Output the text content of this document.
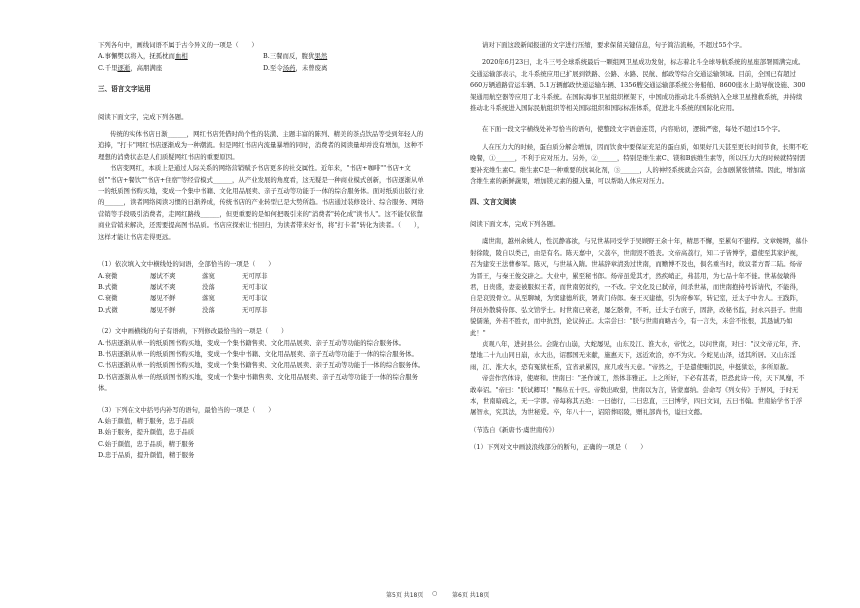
下列各句中，画线词语不属于古今异义的一项是（　　）

A.事懈樊以将入，抚孤枕而血相	B.三餐而反，腹犹果然

C.千里逐逝，高朋满座	D.至令汤药，未曾废离

三、语言文字运用

阅读下面文字，完成下列各题。

传统的实体书店日渐______，网红书店凭借时尚个性的装潢、主题丰富的陈列、精美的茶点饮品等受到年轻人的追捧，"打卡"网红书店逐渐成为一种潮流。但是网红书店内流量暴增的同时，消费者的阅读量却并没有增加，这种不理想的消费状态是人们质疑网红书店的重要原因。

书店变网红，本质上是通过人际关系的网络营销赋予书店更多的社交属性。近年来，"书店+咖啡""书店+文创""书店+餐饮""书店+住宿"等经营模式______，从产业发展的角度看，这无疑是一种商业模式创新，书店逐渐从单一的纸质图书购买地，变成一个集中书籍、文化用品展卖、亲子互动等功能于一体的综合服务体。面对纸质出版行业的______，读者网络阅读习惯的日渐养成，传统书店的产业转型已是大势所趋。书店通过装修设计、综合服务、网络营销等手段吸引消费者，走网红路线______，但更重要的是如何把吸引来的"消费者"转化成"读书人"。这不能仅依靠商业营销来解决，还需要提高图书品质。书店应探索让书回归，为读者带来好书，将"打卡者"转化为读者。（　　），这样才能让书店走得更远。

（1）依次填入文中横线处的词语，全部恰当的一项是（　　）

A.衰微	屡试不爽	落寞	无可厚非

B.式微	屡试不爽	没落	无可非议

C.衰微	屡见不鲜	落寞	无可非议

D.式微	屡见不鲜	没落	无可厚非

（2）文中画横线的句子有语病，下列修改最恰当的一项是（　　）

A.书店逐渐从单一的纸质图书购买地，变成一个集书籍售卖、文化用品展卖、亲子互动等功能的综合服务体。

B.书店逐渐从单一的纸质图书购买地，变成一个集中书籍、文化用品展卖、亲子互动等功能于一体的综合服务体。

C.书店逐渐从单一的纸质图书购买地，变成一个集书籍售卖、文化用品展卖、亲子互动等功能于一体的综合服务体。

D.书店逐渐从单一的纸质图书购买地，变成一个集中书籍售卖、文化用品展卖、亲子互动等功能于一体的综合服务体。

（3）下列在文中括号内补写的语句，最恰当的一项是（　　）

A.始于颜值，精于服务，忠于品质

B.始于服务，提升颜值，忠于品质

C.始于颜值，忠于品质，精于服务

D.忠于品质，提升颜值，精于服务

请对下面这段新闻报道的文字进行压缩，要求保留关键信息，句子简洁流畅，不超过55个字。

2020年6月23日，北斗三号全球系统最后一颗组网卫星成功发射，标志着北斗全球导航系统的星座部署圆满完成。交通运输部表示，北斗系统应用已扩展到铁路、公路、水路、民航、邮政等综合交通运输领域。目前，全国已有超过660万辆道路营运车辆、5.1万辆邮政快递运输车辆、1356艘交通运输部系统公务船舶、8600座水上助导航设施、300架通用航空器等应用了北斗系统。在国际海事卫星组织框架下，中国成功推动北斗系统纳入全球卫星搜救系统，并持续推动北斗系统进入国际民航组织等相关国际组织和国际标准体系，促进北斗系统的国际化应用。

在下面一段文字横线处补写恰当的语句，使整段文字语意连贯，内容贴切，逻辑严密，每处不超过15个字。

人在压力大的时候，蛋白质分解会增加，因而饮食中要保证充足的蛋白质，如果好几天甚至更长时间节食，长期不吃晚餐，①______，不利于应对压力。另外，②______，特别是维生素C、镁和B族维生素等，所以压力大的时候就特别需要补充维生素C。维生素C是一种重要的抗氧化剂，③______，人的神经系统就会兴奋，会加剧紧张情绪。因此，增加富含维生素的新鲜蔬果，增加镁元素的摄入量，可以帮助人体应对压力。

四、文言文阅读

阅读下面文本，完成下列各题。

虞世南，越州余姚人，性沉静寡欲，与兄世基同受学于吴顾野王余十年，精思不懈，至累旬不盥栉。文章婉缛，慕仆射徐陵，陵自以类己，由是有名。陈天嘉中，父荔卒，世南毁不胜丧。文帝高荔行，知二子皆博学，遣使至其家护视，召为建安王法曹参军。陈灭，与世基入隋。世基辞章清劲过世南，而赡博不及也，俱名重当时，故议者方晋二陆。炀帝为晋王，与秦王俊交辟之。大业中，累至秘书郎。炀帝虽爱其才，然疾峭正，弗甚用，为七品十年不徙。世基佞敏得君，日贵盛，妻妾被服拟王者，而世南躬贫约，一不改。宇文化及已弑帝，间杀世基，而世南抱持号诉请代，不能得，自是哀毁骨立。从至聊城，为窦建德所获，署黄门侍郎。秦王灭建德，引为府参军，转记室，迁太子中舍人。王践阼，拜员外散骑侍郎、弘文馆学士。时世南已衰老，屡乞骸骨，不听，迁太子右庶子，固辞，改秘书监，封永兴县子。世南貌儒谨，外若不胜衣，而中抗烈，论议持正。太宗尝曰："朕与世南商略古今，有一言失，未尝不怅恨，其恳诚乃如此！"

贞观八年，进封县公。会陇右山崩，大蛇屡见，山东及江、淮大水，帝忧之，以问世南，对曰："汉文帝元年，齐、楚地二十九山同日崩，水大出，诏郡国无来献，施惠天下，远近欢洽，亦不为灾。今蛇见山泽，适其所居。又山东淫雨，江、淮大水，恐有冤狱枉系，宜省录累囚，庶几或当天意。"帝然之，于是遣使赈饥民，申挺狱讼，多所原赦。

帝尝作宫体诗，使赓和。世南曰："圣作诚工，然体非雅正。上之所好，下必有甚者，臣恐此诗一传，天下风靡，不敢奉诏。"帝曰："朕试卿耳！"赐帛五十匹。帝数出畋猎，世南以为言，皆蒙嘉纳。尝命写《列女传》于屏风，于时无本，世南暗疏之，无一字谬。帝每称其五绝：一曰德行，二曰忠直，三曰博学，四曰文词，五曰书翰。世南始学书于浮屠智永，究其法，为世秘爱。卒，年八十一，诏陪葬昭陵，赠礼部尚书，谥曰文懿。

（节选自《新唐书·虞世南传》）

（1）下列对文中画波浪线部分的断句，正确的一项是（　　）

第5页 共18页 ○ 第6页 共18页
